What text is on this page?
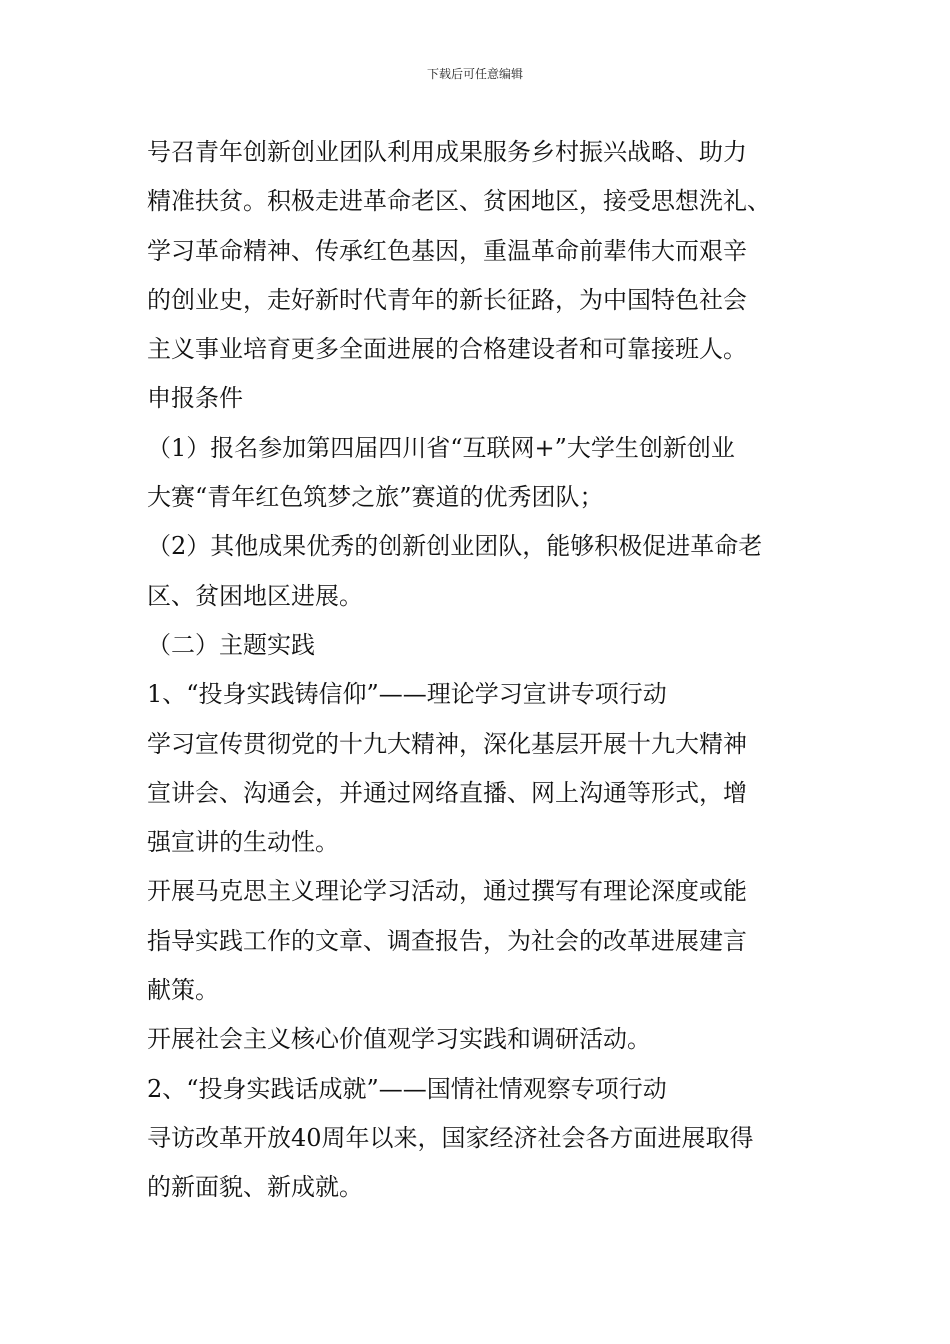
下载后可任意编辑
号召青年创新创业团队利用成果服务乡村振兴战略、助力
精准扶贫。积极走进革命老区、贫困地区，接受思想洗礼、
学习革命精神、传承红色基因，重温革命前辈伟大而艰辛
的创业史，走好新时代青年的新长征路，为中国特色社会
主义事业培育更多全面进展的合格建设者和可靠接班人。
申报条件
（1）报名参加第四届四川省“互联网+”大学生创新创业
大赛“青年红色筑梦之旅”赛道的优秀团队；
（2）其他成果优秀的创新创业团队，能够积极促进革命老
区、贫困地区进展。
（二）主题实践
1、“投身实践铸信仰”——理论学习宣讲专项行动
学习宣传贯彻党的十九大精神，深化基层开展十九大精神
宣讲会、沟通会，并通过网络直播、网上沟通等形式，增
强宣讲的生动性。
开展马克思主义理论学习活动，通过撰写有理论深度或能
指导实践工作的文章、调查报告，为社会的改革进展建言
献策。
开展社会主义核心价值观学习实践和调研活动。
2、“投身实践话成就”——国情社情观察专项行动
寻访改革开放40周年以来，国家经济社会各方面进展取得
的新面貌、新成就。
